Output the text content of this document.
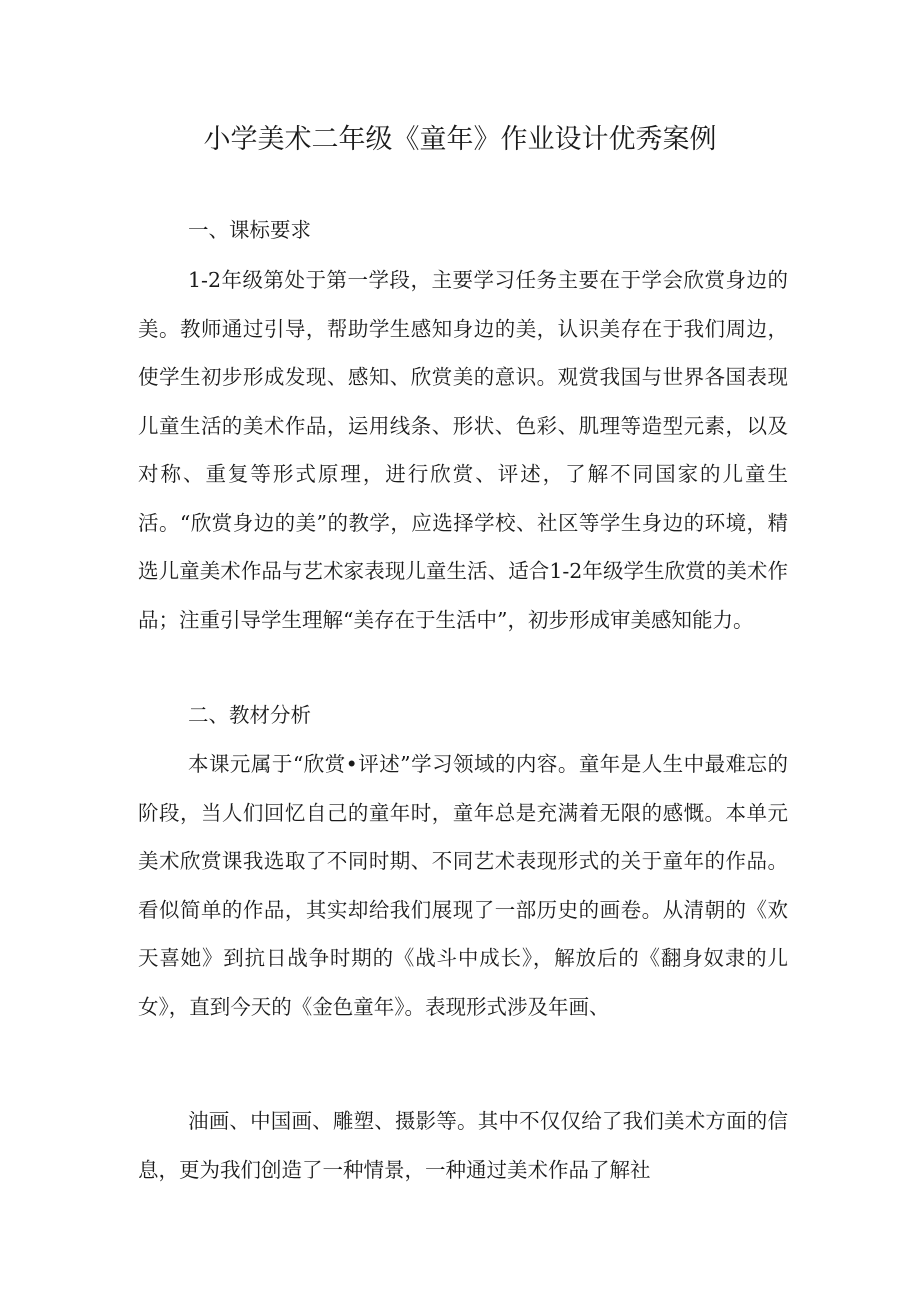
小学美术二年级《童年》作业设计优秀案例

一、课标要求

1-2年级第处于第一学段，主要学习任务主要在于学会欣赏身边的美。教师通过引导，帮助学生感知身边的美，认识美存在于我们周边，使学生初步形成发现、感知、欣赏美的意识。观赏我国与世界各国表现儿童生活的美术作品，运用线条、形状、色彩、肌理等造型元素，以及对称、重复等形式原理，进行欣赏、评述，了解不同国家的儿童生活。“欣赏身边的美”的教学，应选择学校、社区等学生身边的环境，精选儿童美术作品与艺术家表现儿童生活、适合1-2年级学生欣赏的美术作品；注重引导学生理解“美存在于生活中”，初步形成审美感知能力。

二、教材分析

本课元属于“欣赏•评述”学习领域的内容。童年是人生中最难忘的阶段，当人们回忆自己的童年时，童年总是充满着无限的感慨。本单元美术欣赏课我选取了不同时期、不同艺术表现形式的关于童年的作品。看似简单的作品，其实却给我们展现了一部历史的画卷。从清朝的《欢天喜她》到抗日战争时期的《战斗中成长》，解放后的《翻身奴隶的儿女》，直到今天的《金色童年》。表现形式涉及年画、

油画、中国画、雕塑、摄影等。其中不仅仅给了我们美术方面的信息，更为我们创造了一种情景，一种通过美术作品了解社
